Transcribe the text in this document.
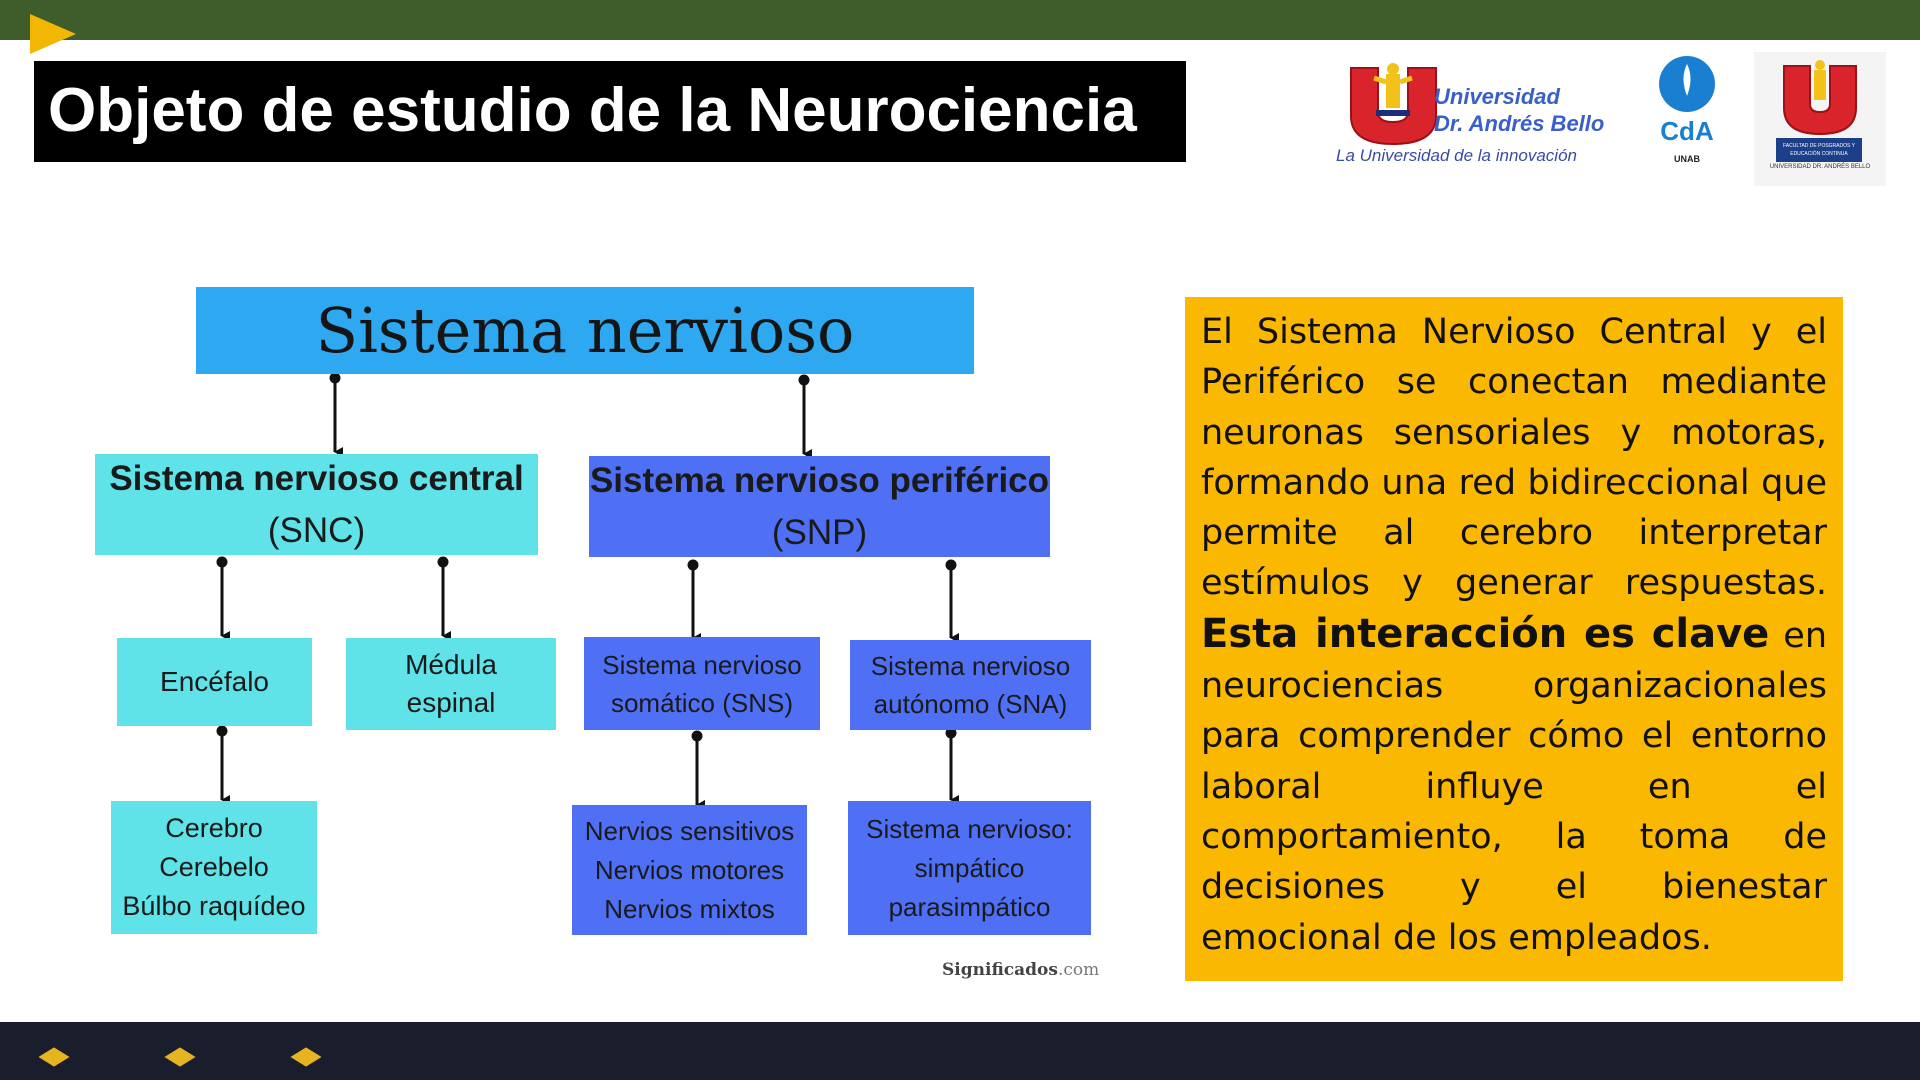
Objeto de estudio de la Neurociencia	Universidad
Dr. Andrés Bello
La Universidad de la innovación
CdA
UNAB
FACULTAD DE POSGRADOS Y EDUCACIÓN CONTINUA
UNIVERSIDAD DR. ANDRÉS BELLO
Sistema nervioso
Sistema nervioso central (SNC)
Sistema nervioso periférico (SNP)
Encéfalo
Médula espinal
Sistema nervioso somático (SNS)
Sistema nervioso autónomo (SNA)
Cerebro
Cerebelo
Búlbo raquídeo
Nervios sensitivos
Nervios motores
Nervios mixtos
Sistema nervioso:
simpático
parasimpático
Significados.com
El Sistema Nervioso Central y el Periférico se conectan mediante neuronas sensoriales y motoras, formando una red bidireccional que permite al cerebro interpretar estímulos y generar respuestas. Esta interacción es clave en neurociencias organizacionales para comprender cómo el entorno laboral influye en el comportamiento, la toma de decisiones y el bienestar emocional de los empleados.
